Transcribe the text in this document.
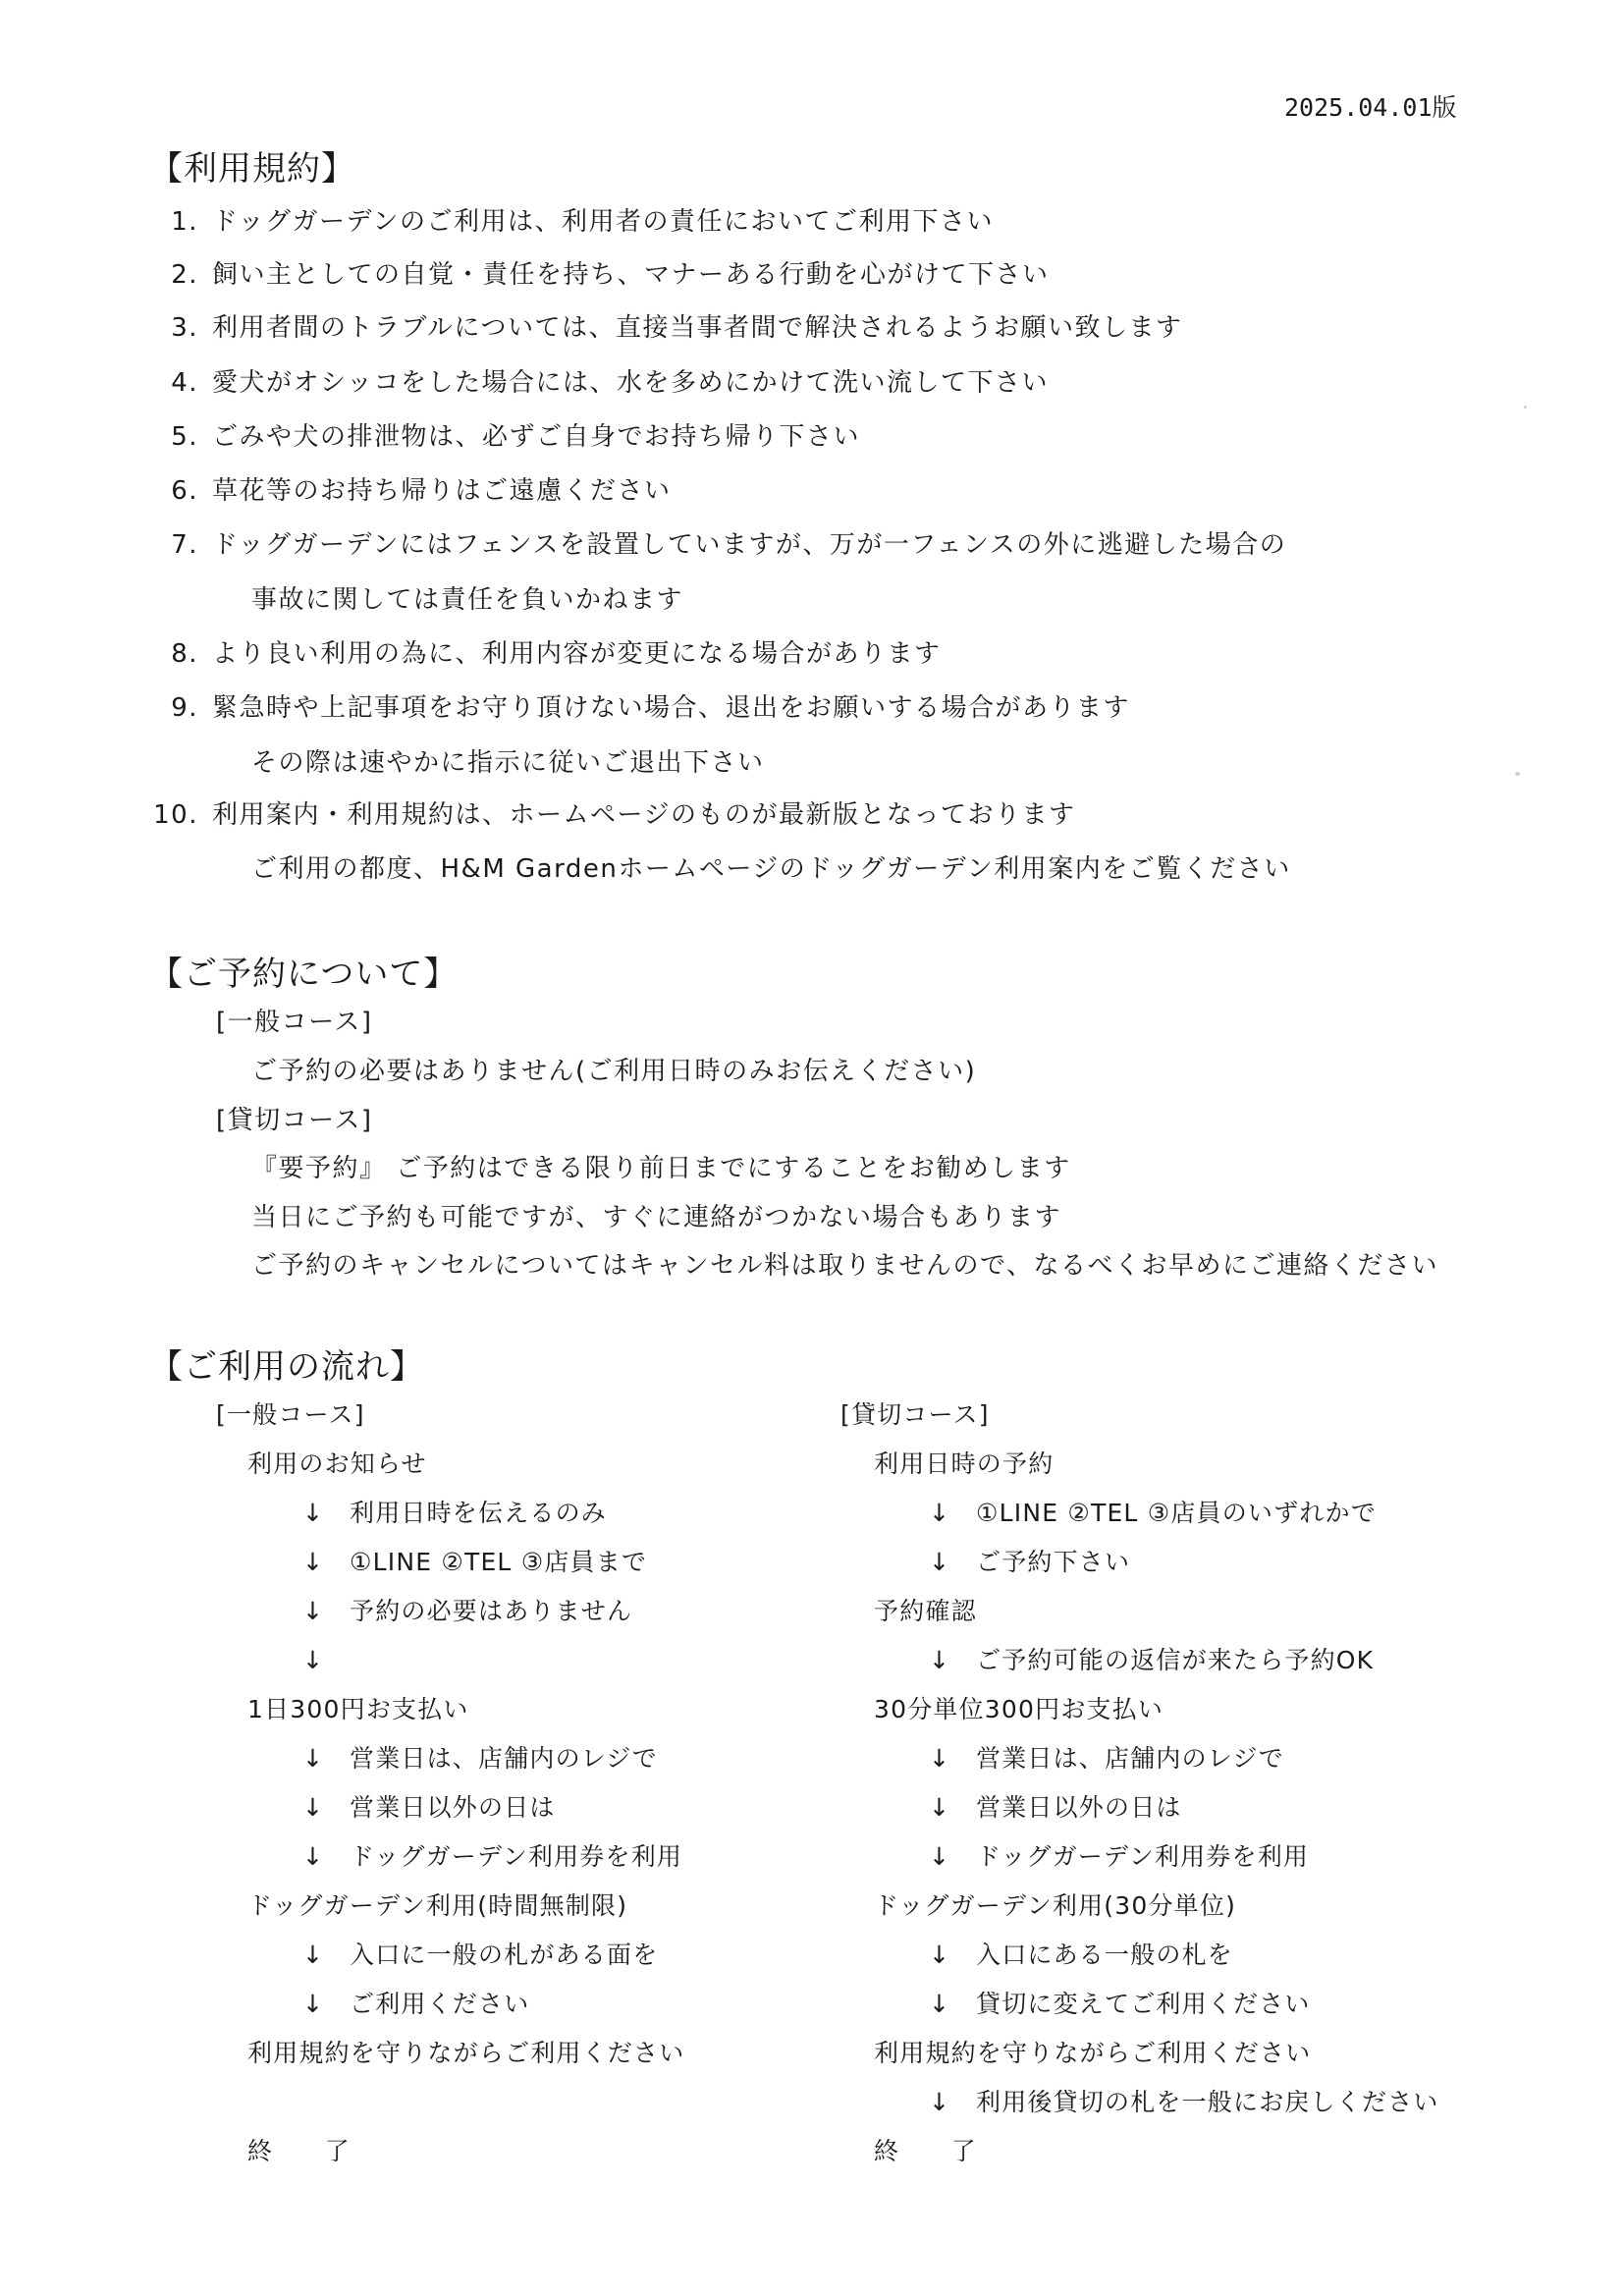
2025.04.01版
【利用規約】
1. ドッグガーデンのご利用は、利用者の責任においてご利用下さい
2. 飼い主としての自覚・責任を持ち、マナーある行動を心がけて下さい
3. 利用者間のトラブルについては、直接当事者間で解決されるようお願い致します
4. 愛犬がオシッコをした場合には、水を多めにかけて洗い流して下さい
5. ごみや犬の排泄物は、必ずご自身でお持ち帰り下さい
6. 草花等のお持ち帰りはご遠慮ください
7. ドッグガーデンにはフェンスを設置していますが、万が一フェンスの外に逃避した場合の
事故に関しては責任を負いかねます
8. より良い利用の為に、利用内容が変更になる場合があります
9. 緊急時や上記事項をお守り頂けない場合、退出をお願いする場合があります
その際は速やかに指示に従いご退出下さい
10. 利用案内・利用規約は、ホームページのものが最新版となっております
ご利用の都度、H&M Gardenホームページのドッグガーデン利用案内をご覧ください
【ご予約について】
[一般コース]
ご予約の必要はありません(ご利用日時のみお伝えください)
[貸切コース]
『要予約』 ご予約はできる限り前日までにすることをお勧めします
当日にご予約も可能ですが、すぐに連絡がつかない場合もあります
ご予約のキャンセルについてはキャンセル料は取りませんので、なるべくお早めにご連絡ください
【ご利用の流れ】
[一般コース]	[貸切コース]
利用のお知らせ
↓ 利用日時を伝えるのみ
↓ ①LINE ②TEL ③店員まで
↓ 予約の必要はありません
↓
1日300円お支払い
↓ 営業日は、店舗内のレジで
↓ 営業日以外の日は
↓ ドッグガーデン利用券を利用
ドッグガーデン利用(時間無制限)
↓ 入口に一般の札がある面を
↓ ご利用ください
利用規約を守りながらご利用ください
終　　了
利用日時の予約
↓ ①LINE ②TEL ③店員のいずれかで
↓ ご予約下さい
予約確認
↓ ご予約可能の返信が来たら予約OK
30分単位300円お支払い
↓ 営業日は、店舗内のレジで
↓ 営業日以外の日は
↓ ドッグガーデン利用券を利用
ドッグガーデン利用(30分単位)
↓ 入口にある一般の札を
↓ 貸切に変えてご利用ください
利用規約を守りながらご利用ください
↓ 利用後貸切の札を一般にお戻しください
終　　了
